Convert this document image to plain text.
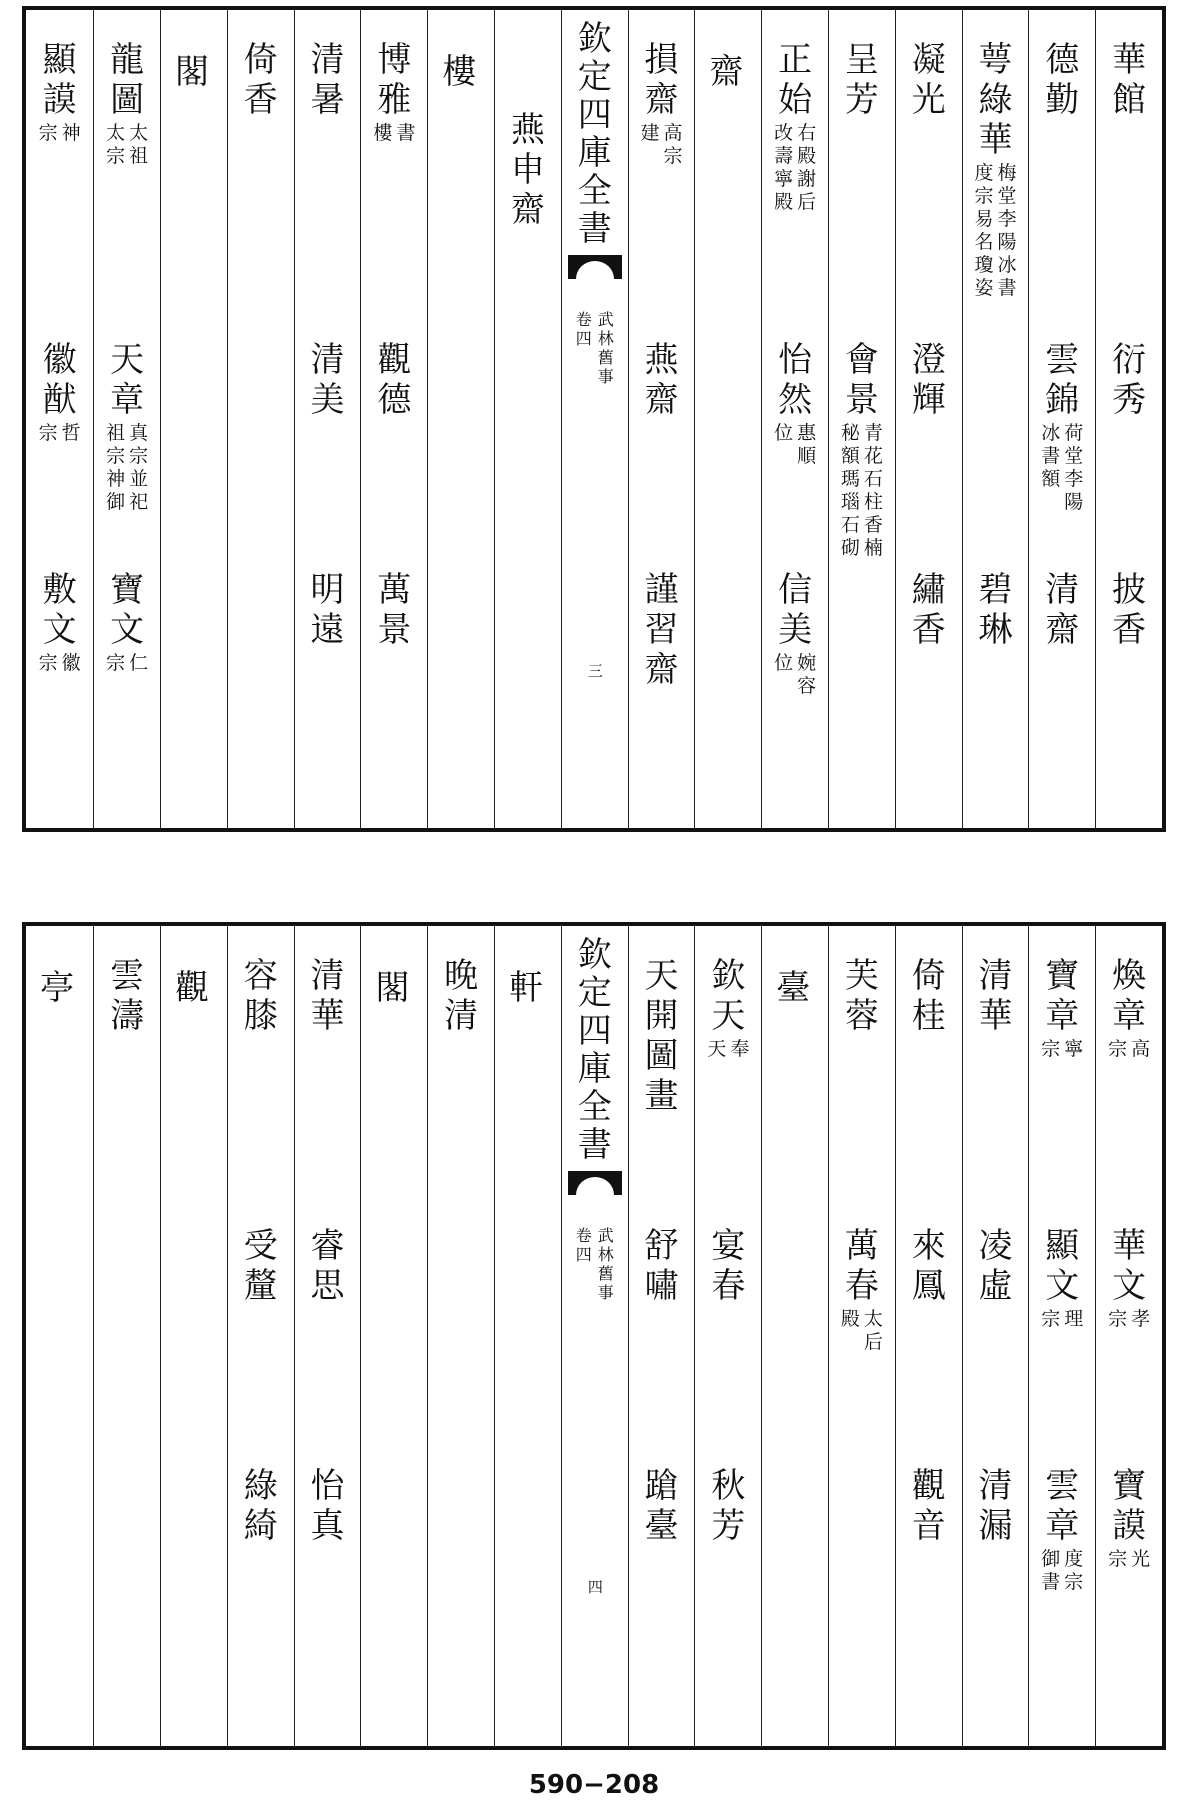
華
館
衍
秀
披
香
德
勤
雲
錦
荷
堂
李
陽
冰
書
額
清
齋
萼
綠
華
梅
堂
李
陽
冰
書
度
宗
易
名
瓊
姿
碧
琳
凝
光
澄
輝
繡
香
呈
芳
會
景
青
花
石
柱
香
楠
秘
額
瑪
瑙
石
砌
正
始
右
殿
謝
后
改
壽
寧
殿
怡
然
惠
順
位
信
美
婉
容
位
齋
損
齋
高
宗
建
燕
齋
謹
習
齋
欽
定
四
庫
全
書
武
林
舊
事
卷
四
三
燕
申
齋
樓
博
雅
書
樓
觀
德
萬
景
清
暑
清
美
明
遠
倚
香
閣
龍
圖
太
祖
太
宗
天
章
真
宗
並
祀
祖
宗
神
御
寶
文
仁
宗
顯
謨
神
宗
徽
猷
哲
宗
敷
文
徽
宗
煥
章
高
宗
華
文
孝
宗
寶
謨
光
宗
寶
章
寧
宗
顯
文
理
宗
雲
章
度
宗
御
書
清
華
凌
虛
清
漏
倚
桂
來
鳳
觀
音
芙
蓉
萬
春
太
后
殿
臺
欽
天
奉
天
宴
春
秋
芳
天
開
圖
畫
舒
嘯
蹌
臺
欽
定
四
庫
全
書
武
林
舊
事
卷
四
四
軒
晚
清
閣
清
華
睿
思
怡
真
容
膝
受
釐
綠
綺
觀
雲
濤
亭
590−208
